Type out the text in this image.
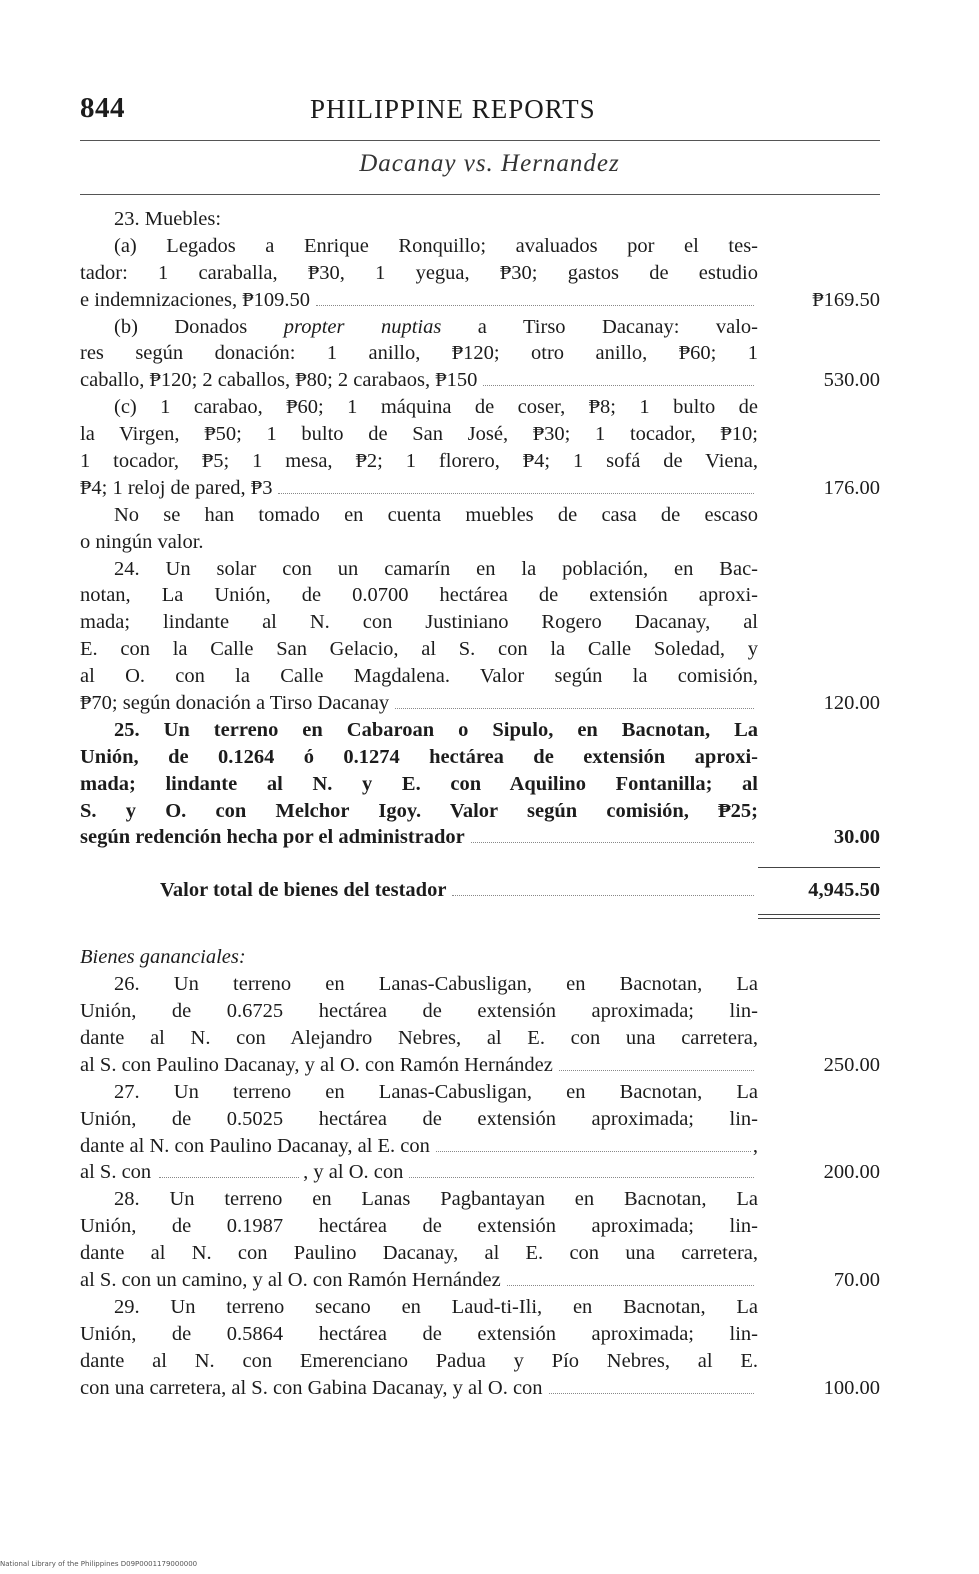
844	PHILIPPINE REPORTS
Dacanay vs. Hernandez
23. Muebles:
(a) Legados a Enrique Ronquillo; avaluados por el tes-
tador: 1 caraballa, ₱30, 1 yegua, ₱30; gastos de estudio
e indemnizaciones, ₱109.50	₱169.50
(b) Donados propter nuptias a Tirso Dacanay: valo-
res según donación: 1 anillo, ₱120; otro anillo, ₱60; 1
caballo, ₱120; 2 caballos, ₱80; 2 carabaos, ₱150	530.00
(c) 1 carabao, ₱60; 1 máquina de coser, ₱8; 1 bulto de
la Virgen, ₱50; 1 bulto de San José, ₱30; 1 tocador, ₱10;
1 tocador, ₱5; 1 mesa, ₱2; 1 florero, ₱4; 1 sofá de Viena,
₱4; 1 reloj de pared, ₱3	176.00
No se han tomado en cuenta muebles de casa de escaso
o ningún valor.
24. Un solar con un camarín en la población, en Bac-
notan, La Unión, de 0.0700 hectárea de extensión aproxi-
mada; lindante al N. con Justiniano Rogero Dacanay, al
E. con la Calle San Gelacio, al S. con la Calle Soledad, y
al O. con la Calle Magdalena. Valor según la comisión,
₱70; según donación a Tirso Dacanay	120.00
25. Un terreno en Cabaroan o Sipulo, en Bacnotan, La
Unión, de 0.1264 ó 0.1274 hectárea de extensión aproxi-
mada; lindante al N. y E. con Aquilino Fontanilla; al
S. y O. con Melchor Igoy. Valor según comisión, ₱25;
según redención hecha por el administrador	30.00
Valor total de bienes del testador	4,945.50
Bienes gananciales:
26. Un terreno en Lanas-Cabusligan, en Bacnotan, La
Unión, de 0.6725 hectárea de extensión aproximada; lin-
dante al N. con Alejandro Nebres, al E. con una carretera,
al S. con Paulino Dacanay, y al O. con Ramón Hernández	250.00
27. Un terreno en Lanas-Cabusligan, en Bacnotan, La
Unión, de 0.5025 hectárea de extensión aproximada; lin-
dante al N. con Paulino Dacanay, al E. con	,
al S. con	, y al O. con	200.00
28. Un terreno en Lanas Pagbantayan en Bacnotan, La
Unión, de 0.1987 hectárea de extensión aproximada; lin-
dante al N. con Paulino Dacanay, al E. con una carretera,
al S. con un camino, y al O. con Ramón Hernández	70.00
29. Un terreno secano en Laud-ti-Ili, en Bacnotan, La
Unión, de 0.5864 hectárea de extensión aproximada; lin-
dante al N. con Emerenciano Padua y Pío Nebres, al E.
con una carretera, al S. con Gabina Dacanay, y al O. con	100.00
National Library of the Philippines D09P0001179000000
